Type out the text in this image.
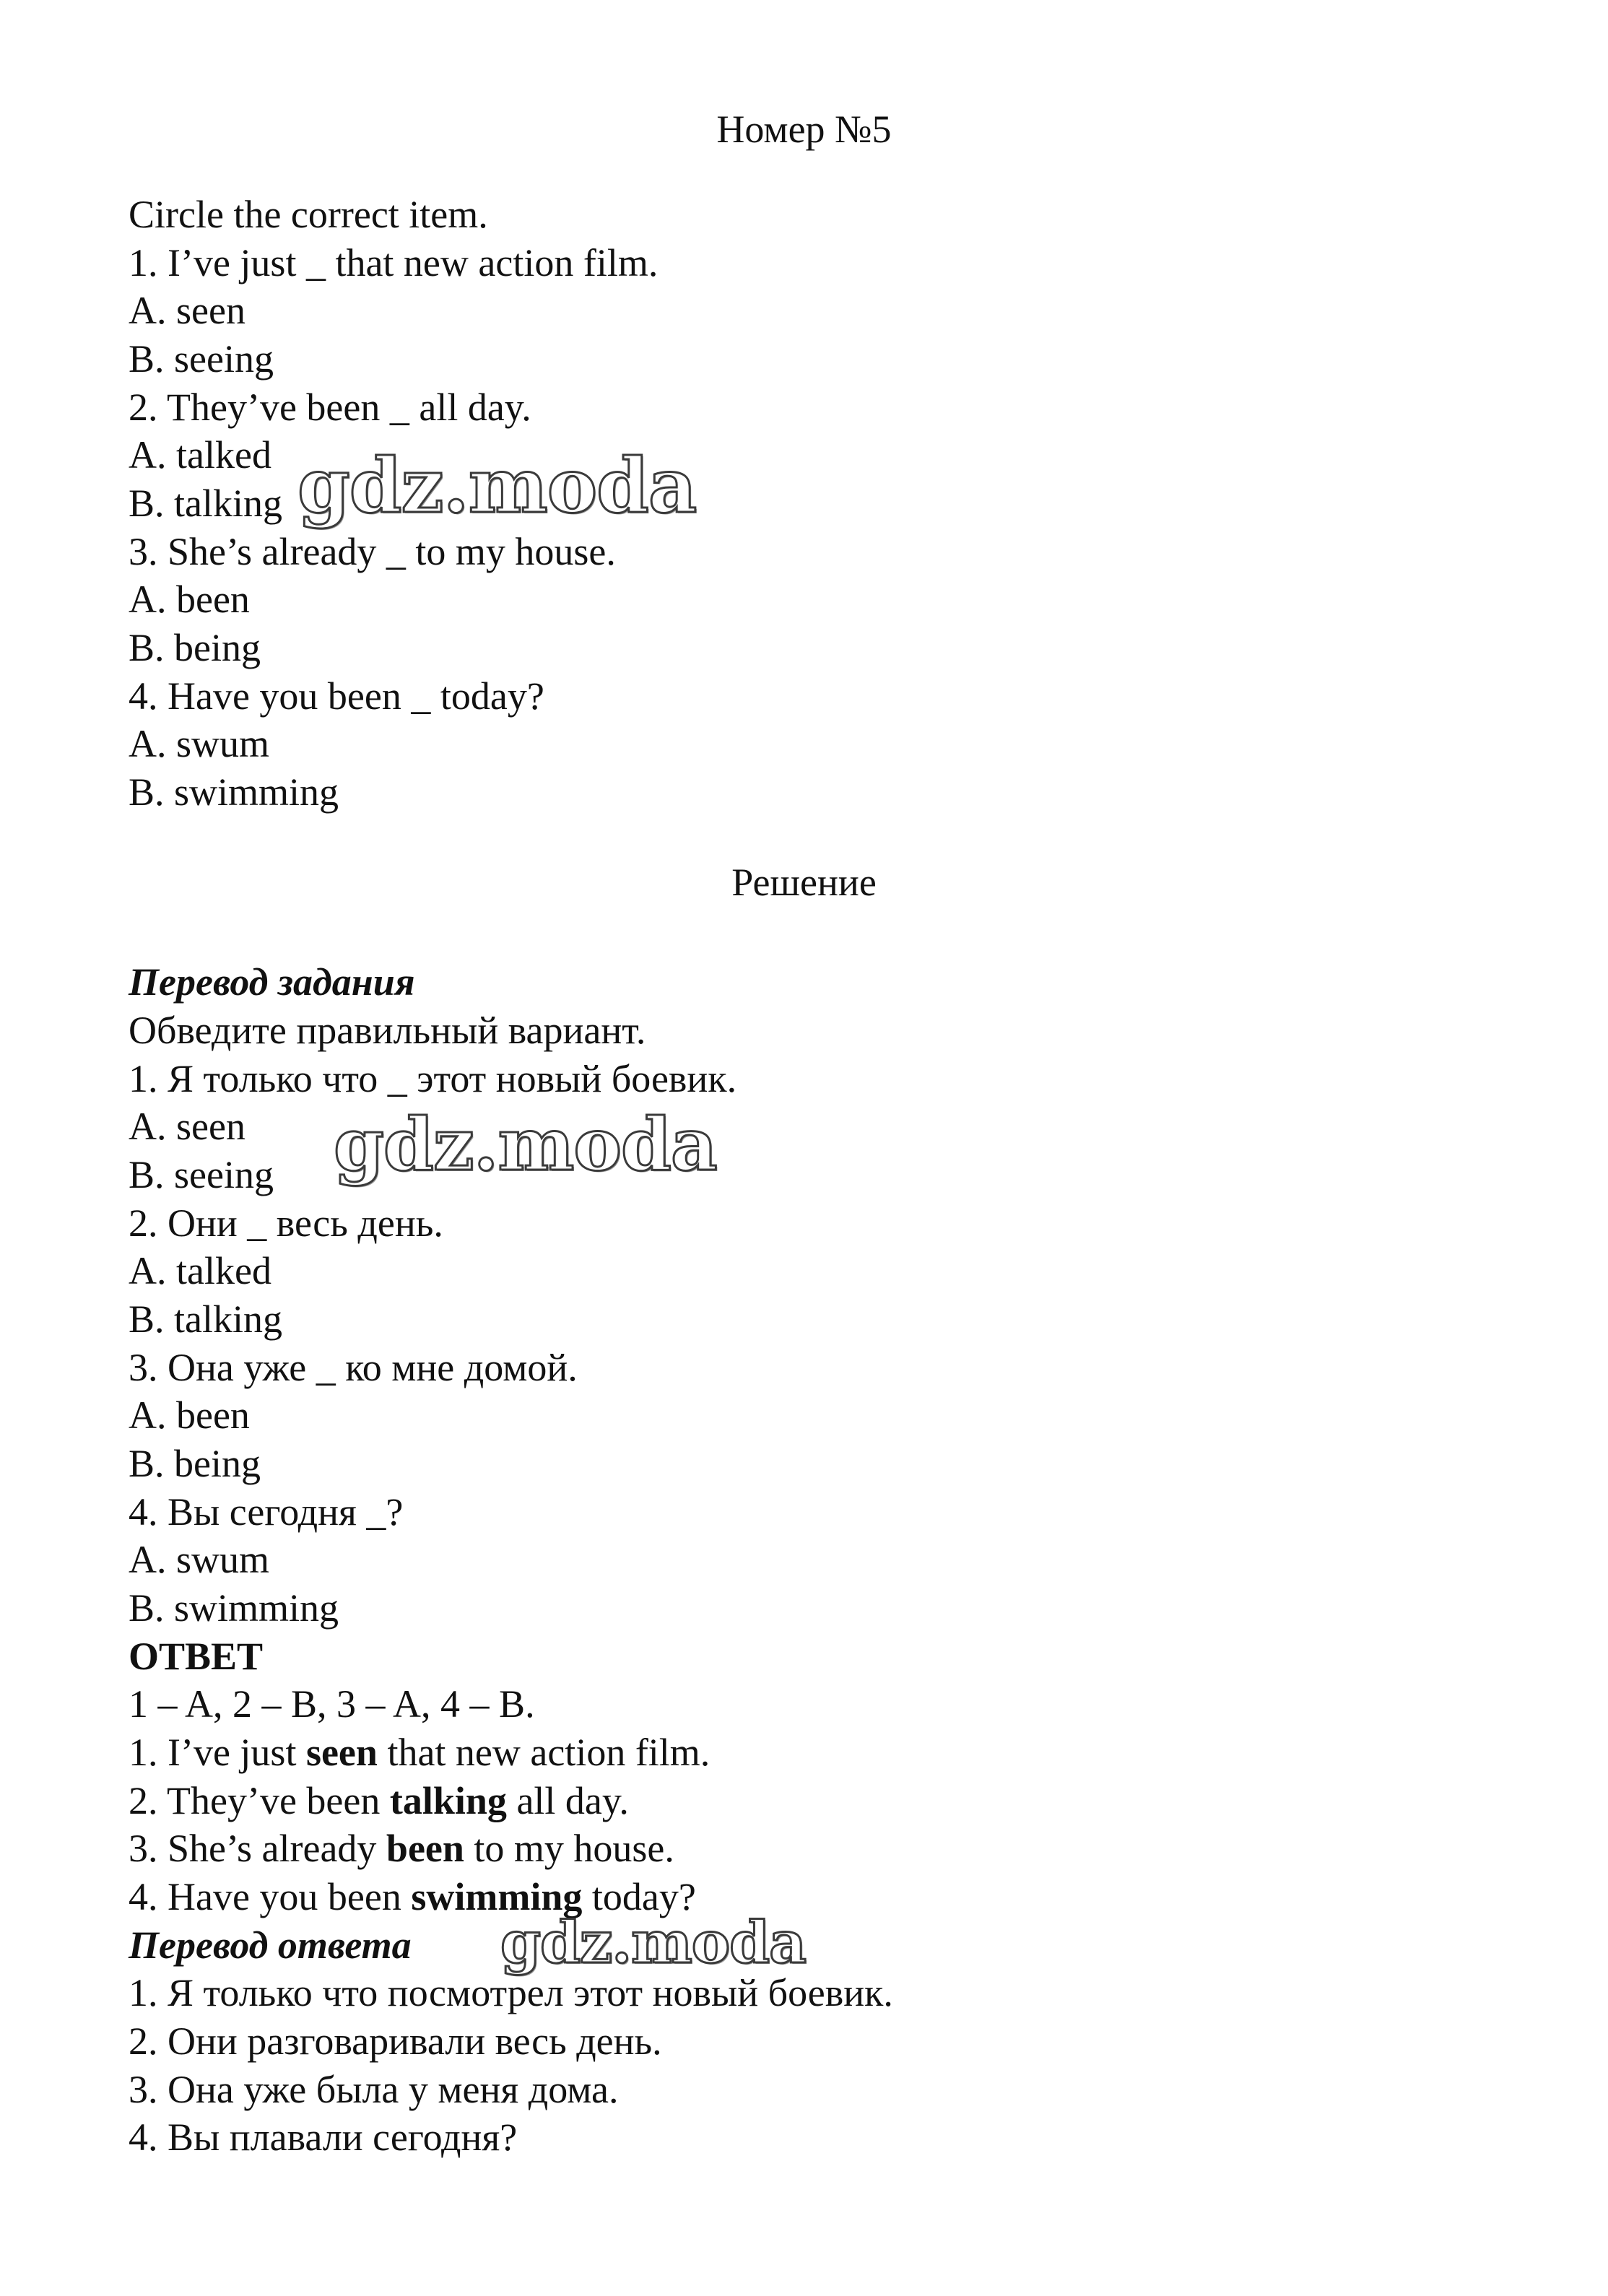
Номер №5
Circle the correct item.
1. I’ve just _ that new action film.
A. seen
B. seeing
2. They’ve been _ all day.
A. talked
B. talking
3. She’s already _ to my house.
A. been
B. being
4. Have you been _ today?
A. swum
B. swimming
Решение
Перевод задания
Обведите правильный вариант.
1. Я только что _ этот новый боевик.
A. seen
B. seeing
2. Они _ весь день.
A. talked
B. talking
3. Она уже _ ко мне домой.
A. been
B. being
4. Вы сегодня _?
A. swum
B. swimming
ОТВЕТ
1 – A, 2 – B, 3 – A, 4 – B.
1. I’ve just seen that new action film.
2. They’ve been talking all day.
3. She’s already been to my house.
4. Have you been swimming today?
Перевод ответа
1. Я только что посмотрел этот новый боевик.
2. Они разговаривали весь день.
3. Она уже была у меня дома.
4. Вы плавали сегодня?
gdz.moda
gdz.moda
gdz.moda
